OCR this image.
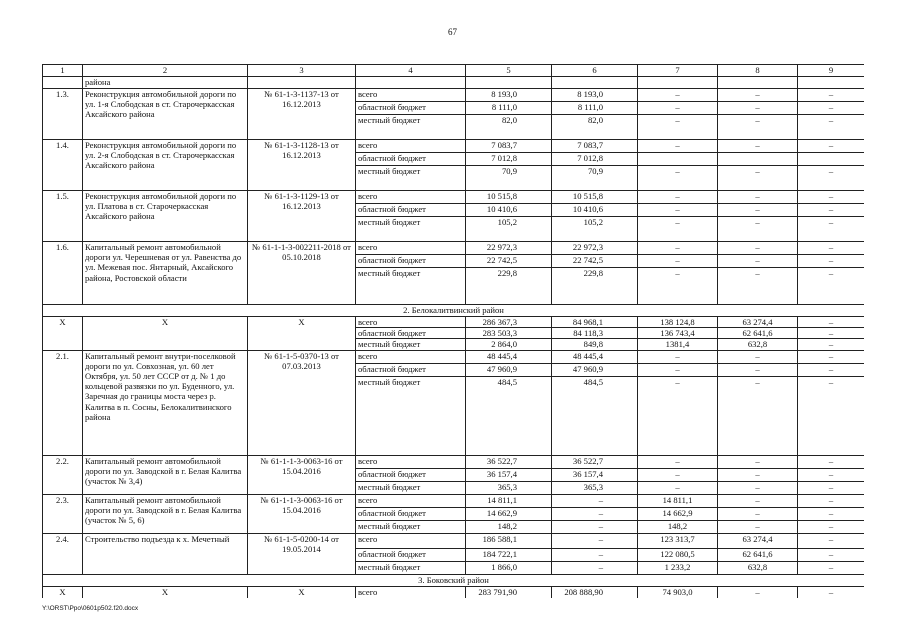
67
1	2	3	4	5	6	7	8	9
	района							
1.3.	Реконструкция автомобильной дороги по ул. 1-я Слободская в ст. Старочеркасская Аксайского района	№ 61-1-3-1137-13 от 16.12.2013	всего	8 193,0	8 193,0	–	–	–
			областной бюджет	8 111,0	8 111,0	–	–	–
			местный бюджет	82,0	82,0	–	–	–
1.4.	Реконструкция автомобильной дороги по ул. 2-я Слободская в ст. Старочеркасская Аксайского района	№ 61-1-3-1128-13 от 16.12.2013	всего	7 083,7	7 083,7	–	–	–
			областной бюджет	7 012,8	7 012,8			
			местный бюджет	70,9	70,9	–	–	–
1.5.	Реконструкция автомобильной дороги по ул. Платова в ст. Старочеркасская Аксайского района	№ 61-1-3-1129-13 от 16.12.2013	всего	10 515,8	10 515,8	–	–	–
			областной бюджет	10 410,6	10 410,6	–	–	–
			местный бюджет	105,2	105,2	–	–	–
1.6.	Капитальный ремонт автомобильной дороги ул. Черешневая от ул. Равенства до ул. Межевая пос. Янтарный, Аксайского района, Ростовской области	№ 61-1-1-3-002211-2018 от 05.10.2018	всего	22 972,3	22 972,3	–	–	–
			областной бюджет	22 742,5	22 742,5	–	–	–
			местный бюджет	229,8	229,8	–	–	–
2. Белокалитвинский район								
Х	Х	Х	всего	286 367,3	84 968,1	138 124,8	63 274,4	–
			областной бюджет	283 503,3	84 118,3	136 743,4	62 641,6	–
			местный бюджет	2 864,0	849,8	1381,4	632,8	–
2.1.	Капитальный ремонт внутри-поселковой дороги по ул. Совхозная, ул. 60 лет Октября, ул. 50 лет СССР от д. № 1 до кольцевой развязки по ул. Буденного, ул. Заречная до границы моста через р. Калитва в п. Сосны, Белокалитвинского района	№ 61-1-5-0370-13 от 07.03.2013	всего	48 445,4	48 445,4	–	–	–
			областной бюджет	47 960,9	47 960,9	–	–	–
			местный бюджет	484,5	484,5	–	–	–
2.2.	Капитальный ремонт автомобильной дороги по ул. Заводской в г. Белая Калитва (участок № 3,4)	№ 61-1-1-3-0063-16 от 15.04.2016	всего	36 522,7	36 522,7	–	–	–
			областной бюджет	36 157,4	36 157,4	–	–	–
			местный бюджет	365,3	365,3	–	–	–
2.3.	Капитальный ремонт автомобильной дороги по ул. Заводской в г. Белая Калитва (участок № 5, 6)	№ 61-1-1-3-0063-16 от 15.04.2016	всего	14 811,1	–	14 811,1	–	–
			областной бюджет	14 662,9	–	14 662,9	–	–
			местный бюджет	148,2	–	148,2	–	–
2.4.	Строительство подъезда к х. Мечетный	№ 61-1-5-0200-14 от 19.05.2014	всего	186 588,1	–	123 313,7	63 274,4	–
			областной бюджет	184 722,1	–	122 080,5	62 641,6	–
			местный бюджет	1 866,0	–	1 233,2	632,8	–
3. Боковский район								
Х	Х	Х	всего	283 791,90	208 888,90	74 903,0	–	–
Y:\ORST\Ppo\0601p502.f20.docx
